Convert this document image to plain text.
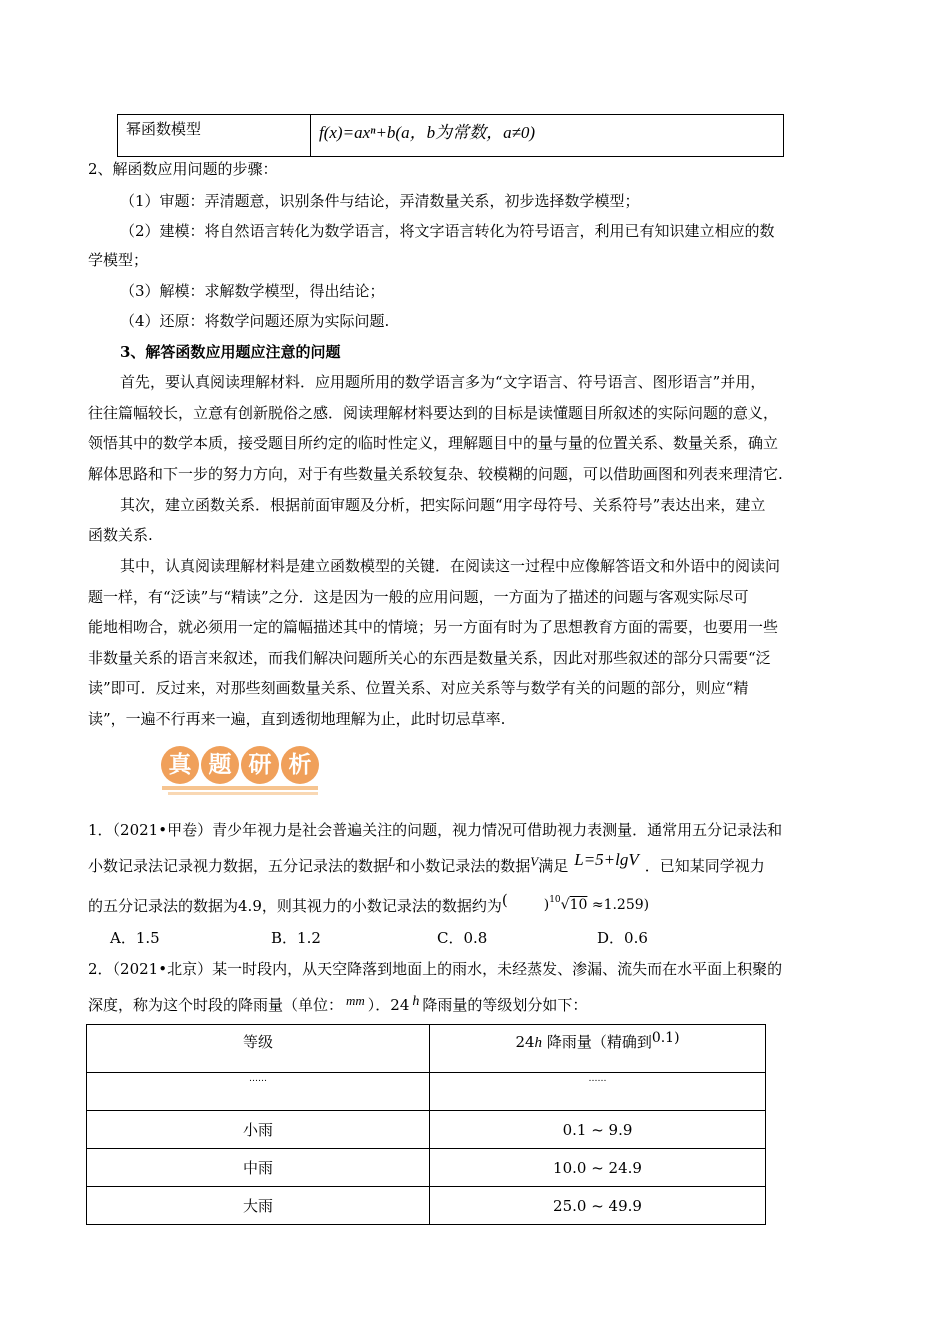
幂函数模型	f(x)=axⁿ+b(a，b为常数，a≠0)
2、解函数应用问题的步骤：
（1）审题：弄清题意，识别条件与结论，弄清数量关系，初步选择数学模型；
（2）建模：将自然语言转化为数学语言，将文字语言转化为符号语言，利用已有知识建立相应的数
学模型；
（3）解模：求解数学模型，得出结论；
（4）还原：将数学问题还原为实际问题.
3、解答函数应用题应注意的问题
首先，要认真阅读理解材料．应用题所用的数学语言多为“文字语言、符号语言、图形语言”并用，
往往篇幅较长，立意有创新脱俗之感．阅读理解材料要达到的目标是读懂题目所叙述的实际问题的意义，
领悟其中的数学本质，接受题目所约定的临时性定义，理解题目中的量与量的位置关系、数量关系，确立
解体思路和下一步的努力方向，对于有些数量关系较复杂、较模糊的问题，可以借助画图和列表来理清它.
其次，建立函数关系．根据前面审题及分析，把实际问题“用字母符号、关系符号”表达出来，建立
函数关系.
其中，认真阅读理解材料是建立函数模型的关键．在阅读这一过程中应像解答语文和外语中的阅读问
题一样，有“泛读”与“精读”之分．这是因为一般的应用问题，一方面为了描述的问题与客观实际尽可
能地相吻合，就必须用一定的篇幅描述其中的情境；另一方面有时为了思想教育方面的需要，也要用一些
非数量关系的语言来叙述，而我们解决问题所关心的东西是数量关系，因此对那些叙述的部分只需要“泛
读”即可．反过来，对那些刻画数量关系、位置关系、对应关系等与数学有关的问题的部分，则应“精
读”，一遍不行再来一遍，直到透彻地理解为止，此时切忌草率.
真 题 研 析
1．（2021•甲卷）青少年视力是社会普遍关注的问题，视力情况可借助视力表测量．通常用五分记录法和
小数记录法记录视力数据，五分记录法的数据L和小数记录法的数据V满足 L=5+lgV ．已知某同学视力
的五分记录法的数据为4.9，则其视力的小数记录法的数据约为(	)$^{10}$√10 ≈1.259)
A．1.5	B．1.2	C．0.8	D．0.6
2．（2021•北京）某一时段内，从天空降落到地面上的雨水，未经蒸发、渗漏、流失而在水平面上积聚的
深度，称为这个时段的降雨量（单位： mm ）．24 h 降雨量的等级划分如下：
等级	24h 降雨量（精确到0.1)
……	……
小雨	0.1 ~ 9.9
中雨	10.0 ~ 24.9
大雨	25.0 ~ 49.9
